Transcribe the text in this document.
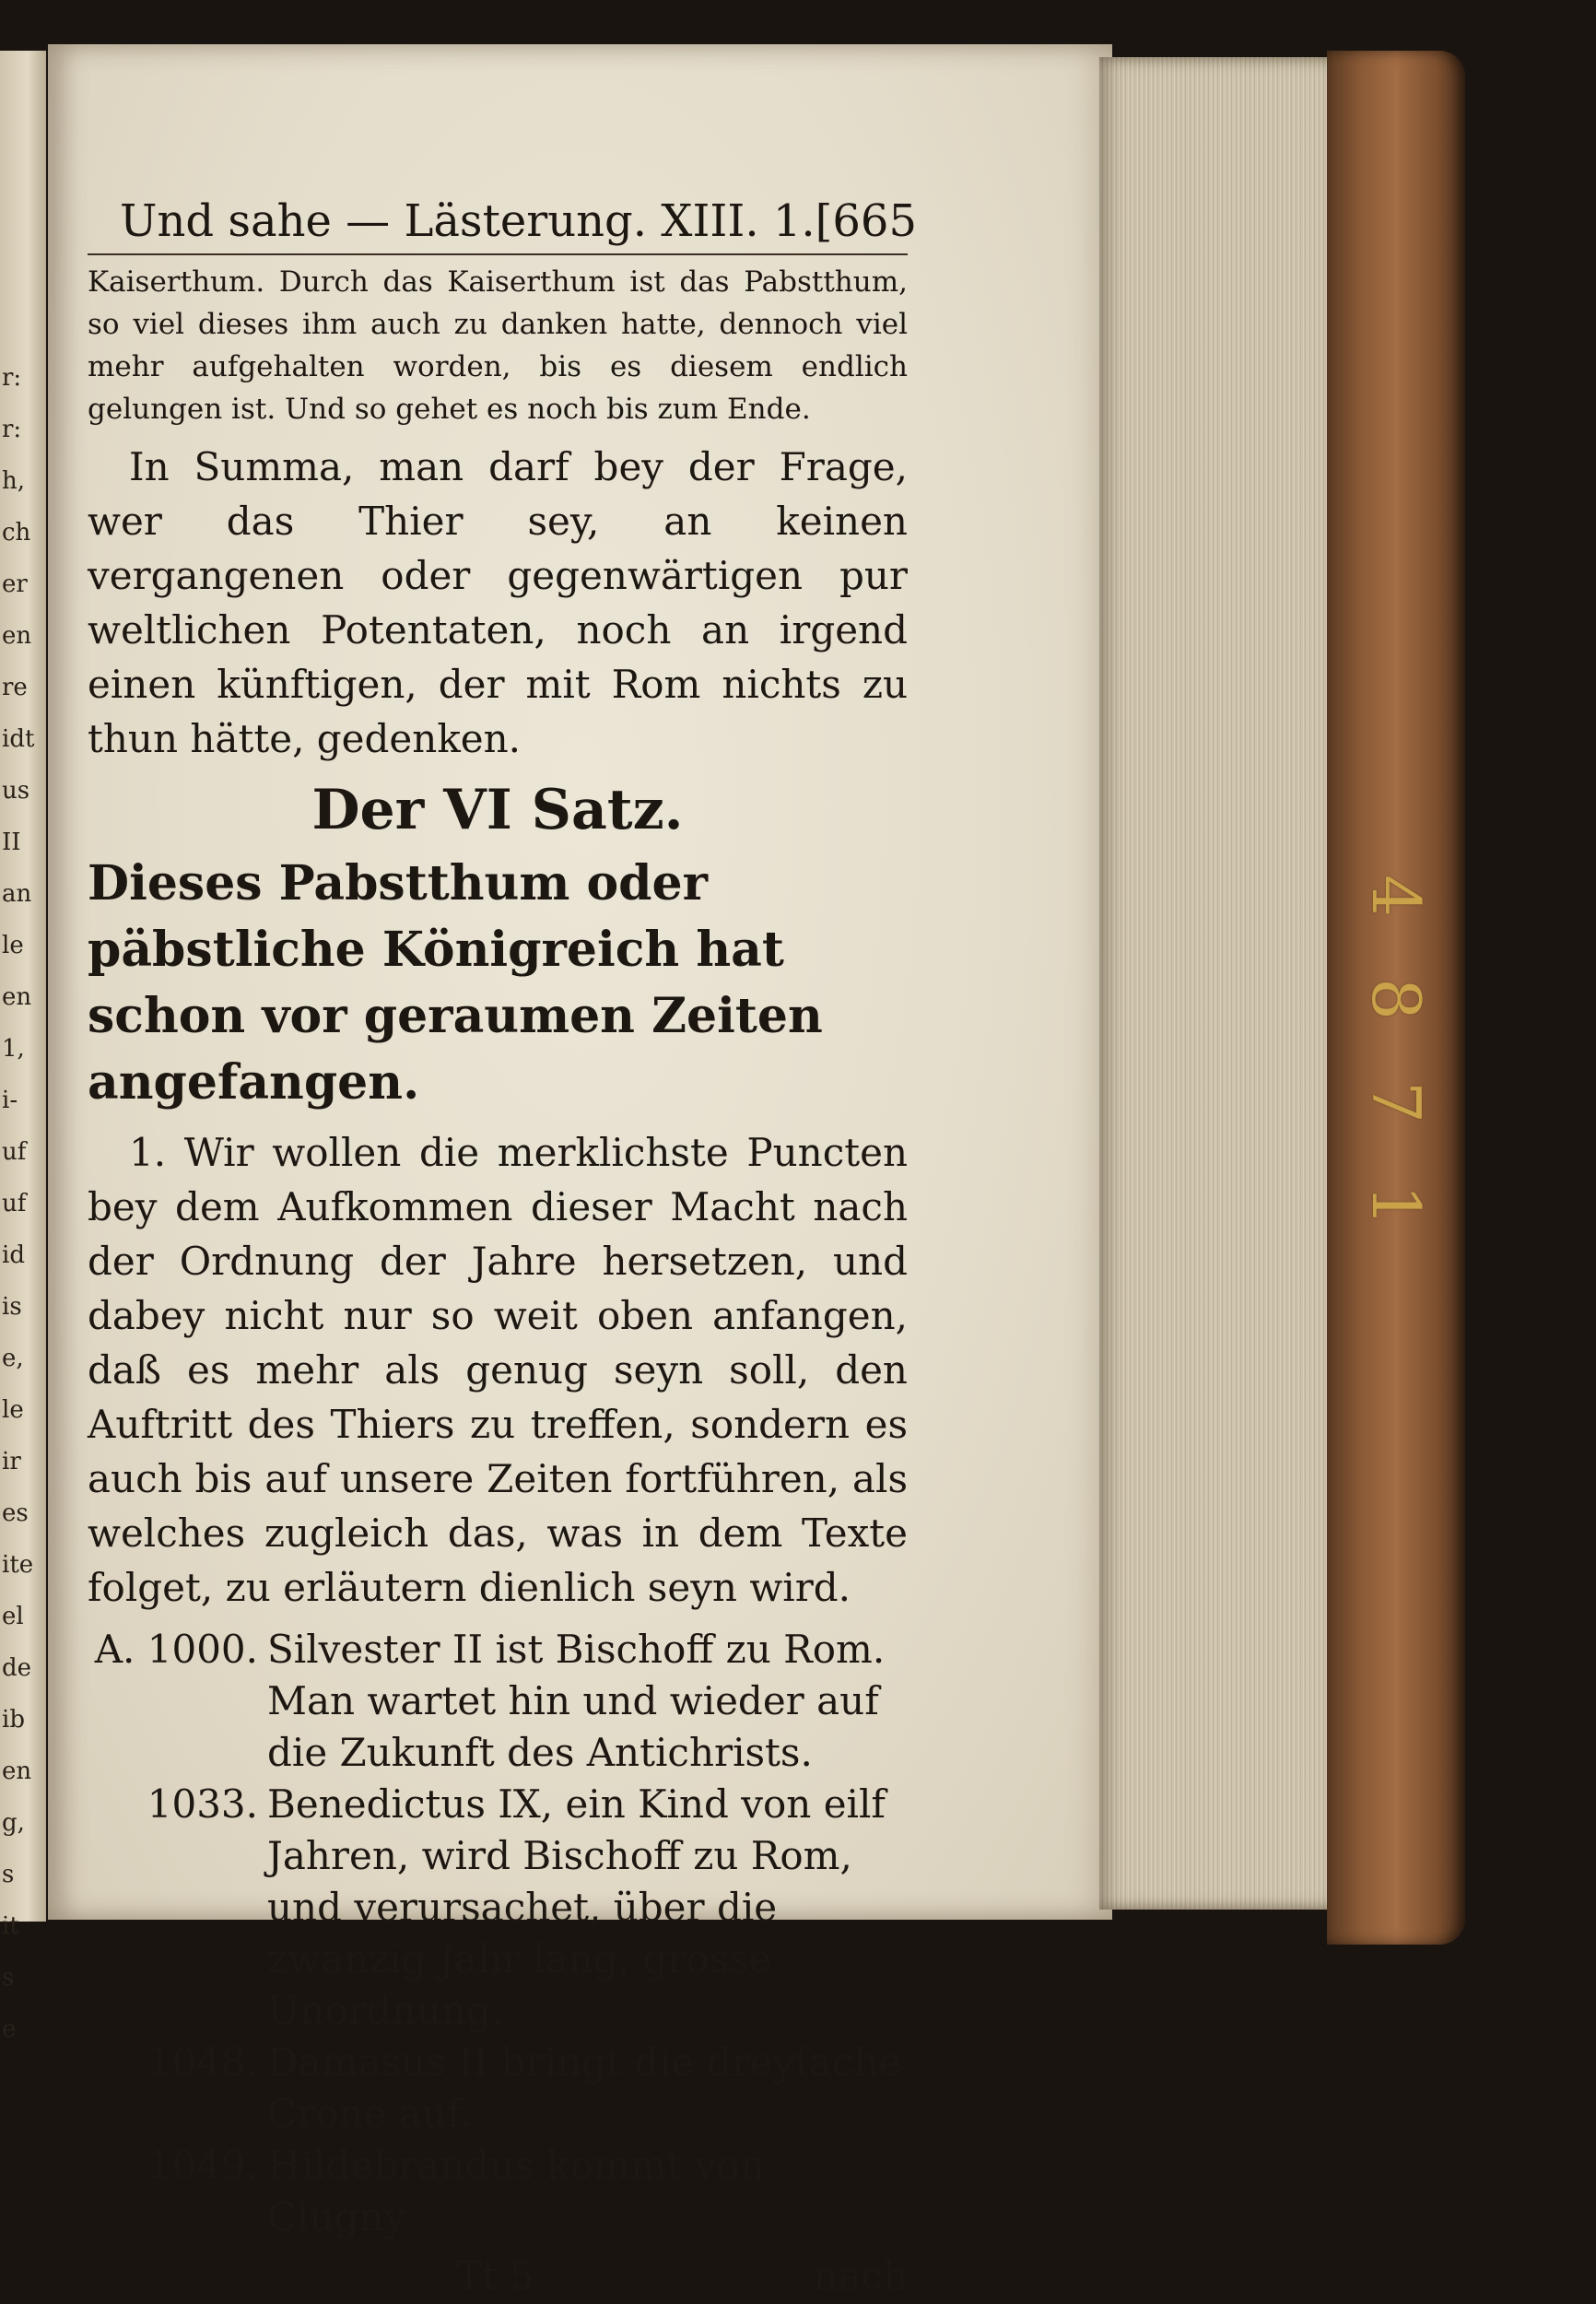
r:
r:
h,
ch
er
en
re
idt
us
II
an
le
en
1,
i-
uf
uf
id
is
e,
le
ir
es
ite
el
de
ib
en
g,
s
it
s
e
4
8
7
1
Und sahe — Lästerung. XIII. 1. [665
Kaiserthum. Durch das Kaiserthum ist das Pabstthum, so viel dieses ihm auch zu danken hatte, dennoch viel mehr aufgehalten worden, bis es diesem endlich gelungen ist. Und so gehet es noch bis zum Ende.
In Summa, man darf bey der Frage, wer das Thier sey, an keinen vergangenen oder gegenwärtigen pur weltlichen Potentaten, noch an irgend einen künftigen, der mit Rom nichts zu thun hätte, gedenken.
Der VI Satz.
Dieses Pabstthum oder päbstliche Königreich hat schon vor geraumen Zeiten angefangen.
1. Wir wollen die merklichste Puncten bey dem Aufkommen dieser Macht nach der Ordnung der Jahre hersetzen, und dabey nicht nur so weit oben anfangen, daß es mehr als genug seyn soll, den Auftritt des Thiers zu treffen, sondern es auch bis auf unsere Zeiten fortführen, als welches zugleich das, was in dem Texte folget, zu erläutern dienlich seyn wird.
A. 1000. Silvester II ist Bischoff zu Rom. Man wartet hin und wieder auf die Zukunft des Antichrists.
1033. Benedictus IX, ein Kind von eilf Jahren, wird Bischoff zu Rom, und verursachet, über die zwanzig Jahr lang, grosse Unordnung.
1048. Damasus II bringt die dreyfache Crone auf.
1049. Hildebrandus kommt von Clugny
Tt 5	nach
